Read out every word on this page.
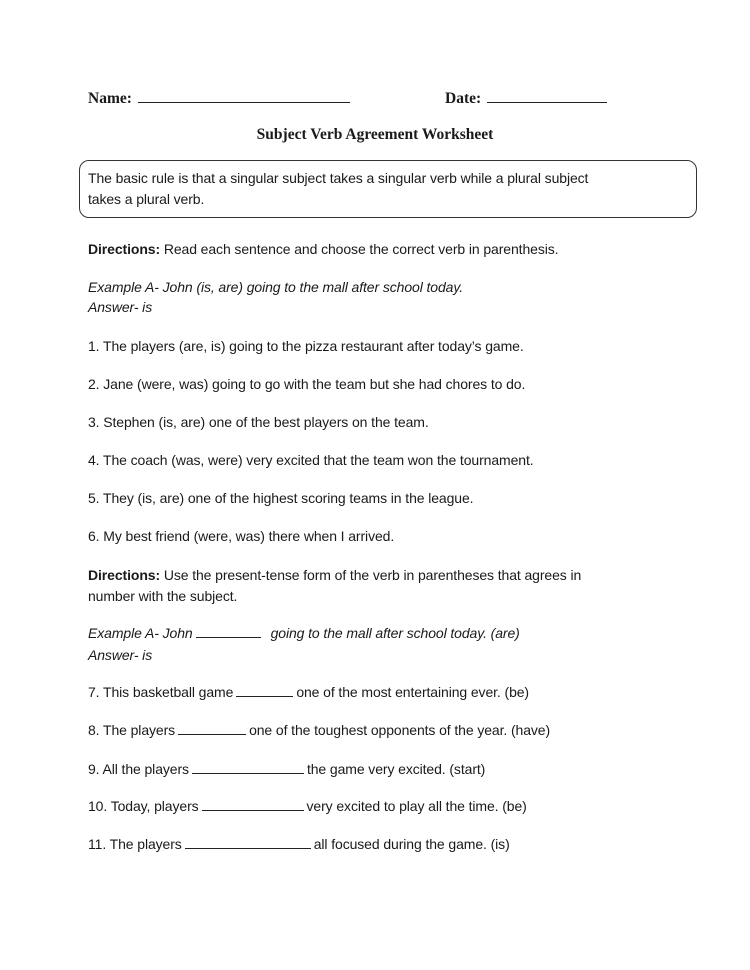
Name:	Date:
Subject Verb Agreement Worksheet
The basic rule is that a singular subject takes a singular verb while a plural subject
takes a plural verb.
Directions: Read each sentence and choose the correct verb in parenthesis.
Example A- John (is, are) going to the mall after school today.
Answer- is
1. The players (are, is) going to the pizza restaurant after today’s game.
2. Jane (were, was) going to go with the team but she had chores to do.
3. Stephen (is, are) one of the best players on the team.
4. The coach (was, were) very excited that the team won the tournament.
5. They (is, are) one of the highest scoring teams in the league.
6. My best friend (were, was) there when I arrived.
Directions: Use the present-tense form of the verb in parentheses that agrees in
number with the subject.
Example A- John	going to the mall after school today. (are)
Answer- is
7. This basketball game	one of the most entertaining ever. (be)
8. The players	one of the toughest opponents of the year. (have)
9. All the players	the game very excited. (start)
10. Today, players	very excited to play all the time. (be)
11. The players	all focused during the game. (is)
